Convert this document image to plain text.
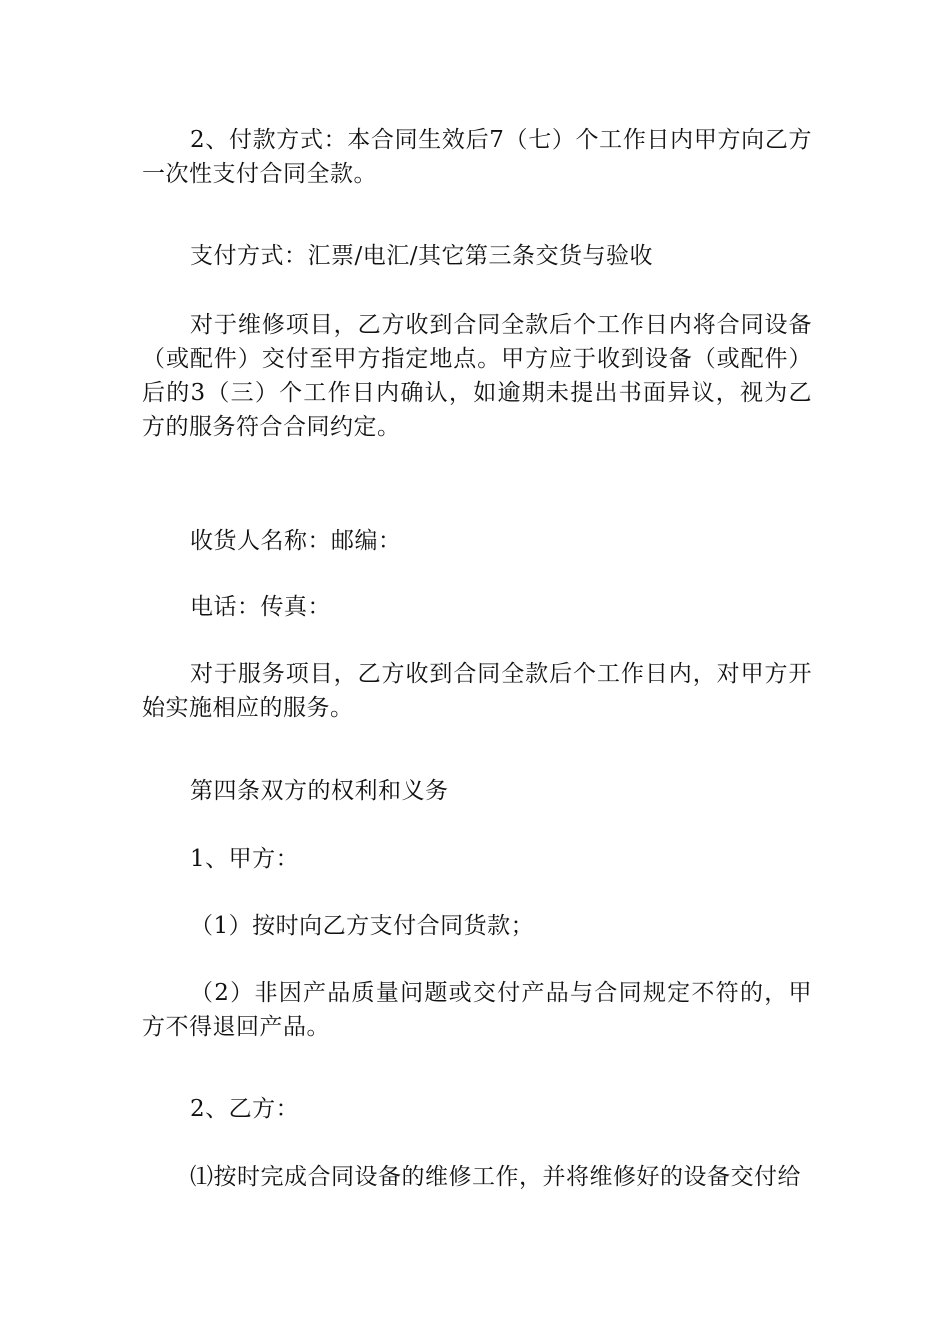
2、付款方式：本合同生效后7（七）个工作日内甲方向乙方一次性支付合同全款。

支付方式：汇票/电汇/其它第三条交货与验收

对于维修项目，乙方收到合同全款后个工作日内将合同设备（或配件）交付至甲方指定地点。甲方应于收到设备（或配件）后的3（三）个工作日内确认，如逾期未提出书面异议，视为乙方的服务符合合同约定。

收货人名称：邮编：

电话：传真：

对于服务项目，乙方收到合同全款后个工作日内，对甲方开始实施相应的服务。

第四条双方的权利和义务

1、甲方：

（1）按时向乙方支付合同货款；

（2）非因产品质量问题或交付产品与合同规定不符的，甲方不得退回产品。

2、乙方：

⑴按时完成合同设备的维修工作，并将维修好的设备交付给
